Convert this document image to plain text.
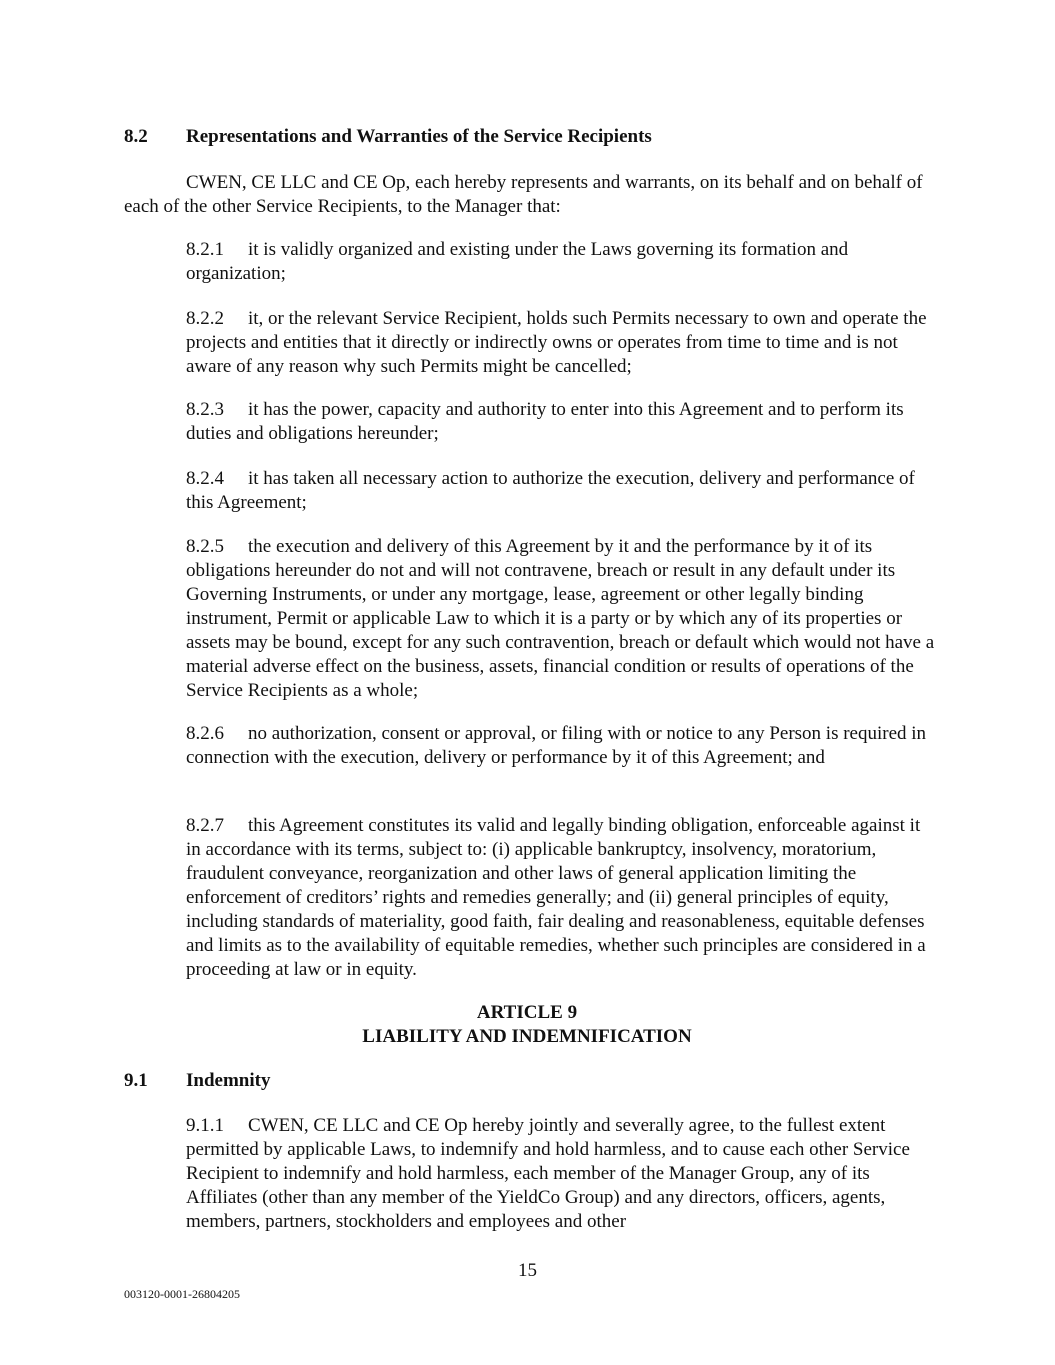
8.2 Representations and Warranties of the Service Recipients
CWEN, CE LLC and CE Op, each hereby represents and warrants, on its behalf and on behalf of each of the other Service Recipients, to the Manager that:
8.2.1 it is validly organized and existing under the Laws governing its formation and organization;
8.2.2 it, or the relevant Service Recipient, holds such Permits necessary to own and operate the projects and entities that it directly or indirectly owns or operates from time to time and is not aware of any reason why such Permits might be cancelled;
8.2.3 it has the power, capacity and authority to enter into this Agreement and to perform its duties and obligations hereunder;
8.2.4 it has taken all necessary action to authorize the execution, delivery and performance of this Agreement;
8.2.5 the execution and delivery of this Agreement by it and the performance by it of its obligations hereunder do not and will not contravene, breach or result in any default under its Governing Instruments, or under any mortgage, lease, agreement or other legally binding instrument, Permit or applicable Law to which it is a party or by which any of its properties or assets may be bound, except for any such contravention, breach or default which would not have a material adverse effect on the business, assets, financial condition or results of operations of the Service Recipients as a whole;
8.2.6 no authorization, consent or approval, or filing with or notice to any Person is required in connection with the execution, delivery or performance by it of this Agreement; and
8.2.7 this Agreement constitutes its valid and legally binding obligation, enforceable against it in accordance with its terms, subject to: (i) applicable bankruptcy, insolvency, moratorium, fraudulent conveyance, reorganization and other laws of general application limiting the enforcement of creditors’ rights and remedies generally; and (ii) general principles of equity, including standards of materiality, good faith, fair dealing and reasonableness, equitable defenses and limits as to the availability of equitable remedies, whether such principles are considered in a proceeding at law or in equity.
ARTICLE 9
LIABILITY AND INDEMNIFICATION
9.1 Indemnity
9.1.1 CWEN, CE LLC and CE Op hereby jointly and severally agree, to the fullest extent permitted by applicable Laws, to indemnify and hold harmless, and to cause each other Service Recipient to indemnify and hold harmless, each member of the Manager Group, any of its Affiliates (other than any member of the YieldCo Group) and any directors, officers, agents, members, partners, stockholders and employees and other
15
003120-0001-26804205
